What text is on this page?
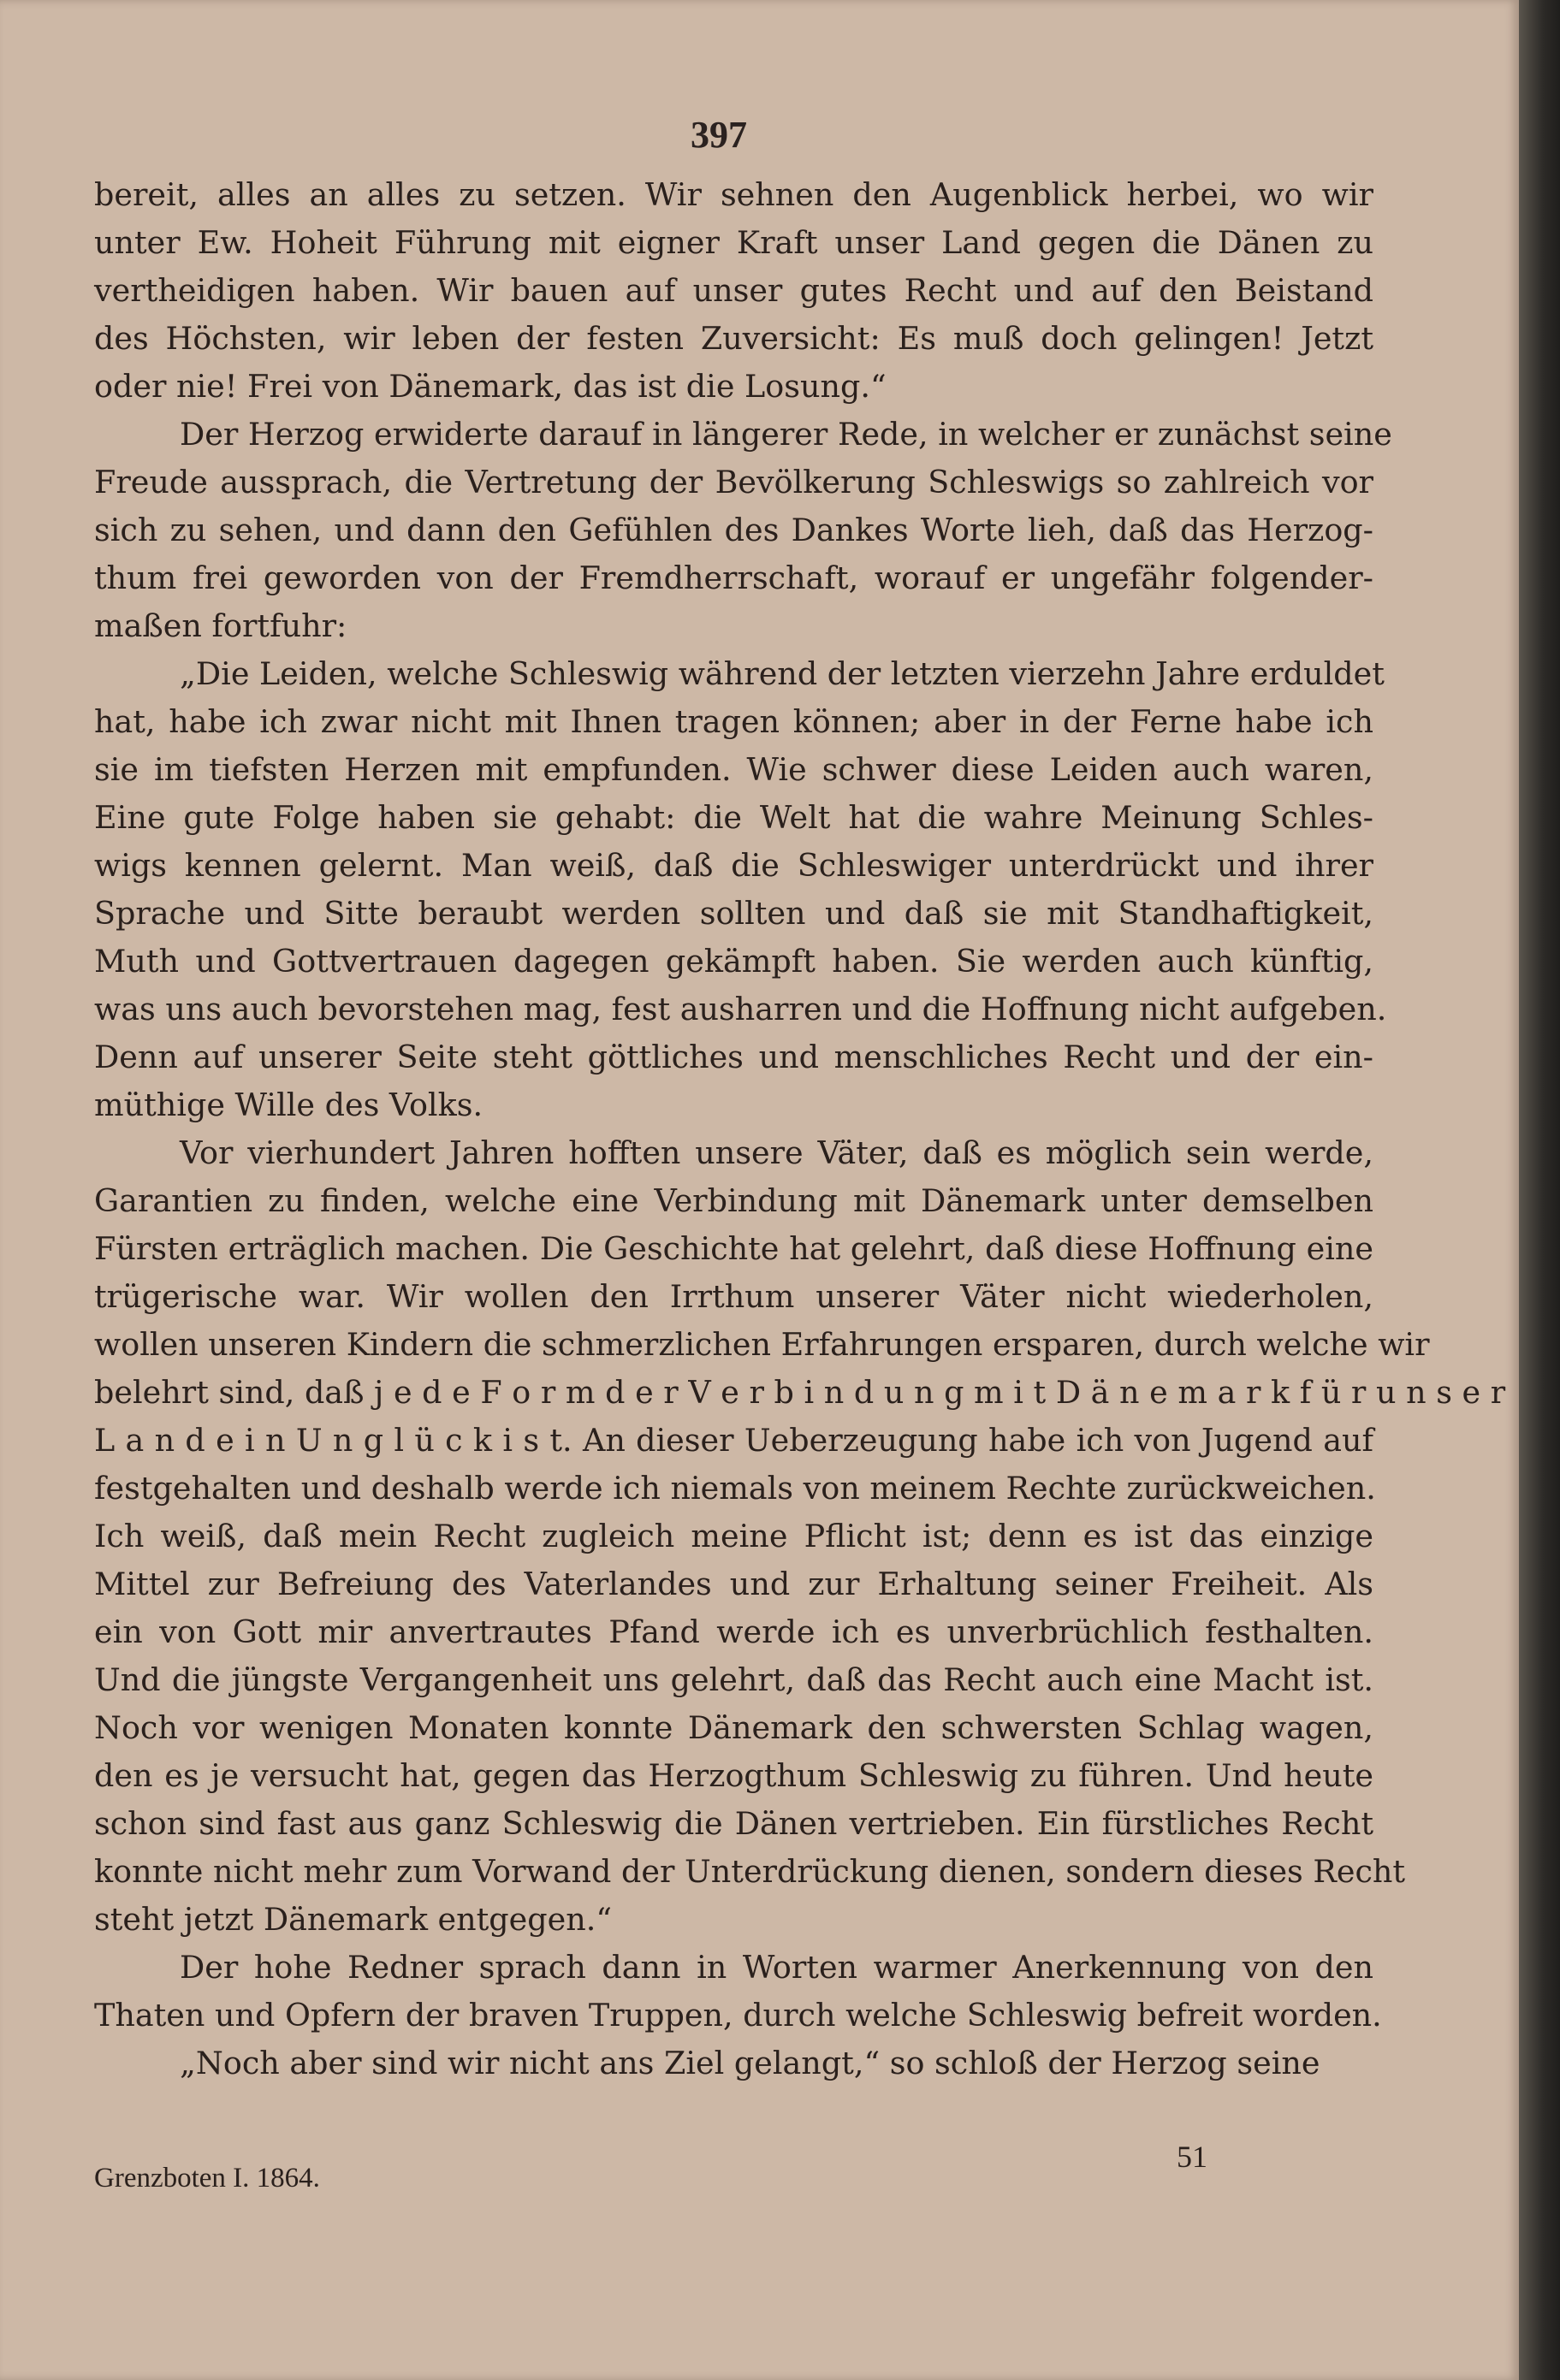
397
bereit, alles an alles zu setzen. Wir sehnen den Augenblick herbei, wo wir
unter Ew. Hoheit Führung mit eigner Kraft unser Land gegen die Dänen zu
vertheidigen haben. Wir bauen auf unser gutes Recht und auf den Beistand
des Höchsten, wir leben der festen Zuversicht: Es muß doch gelingen! Jetzt
oder nie! Frei von Dänemark, das ist die Losung.“
Der Herzog erwiderte darauf in längerer Rede, in welcher er zunächst seine
Freude aussprach, die Vertretung der Bevölkerung Schleswigs so zahlreich vor
sich zu sehen, und dann den Gefühlen des Dankes Worte lieh, daß das Herzog-
thum frei geworden von der Fremdherrschaft, worauf er ungefähr folgender-
maßen fortfuhr:
„Die Leiden, welche Schleswig während der letzten vierzehn Jahre erduldet
hat, habe ich zwar nicht mit Ihnen tragen können; aber in der Ferne habe ich
sie im tiefsten Herzen mit empfunden. Wie schwer diese Leiden auch waren,
Eine gute Folge haben sie gehabt: die Welt hat die wahre Meinung Schles-
wigs kennen gelernt. Man weiß, daß die Schleswiger unterdrückt und ihrer
Sprache und Sitte beraubt werden sollten und daß sie mit Standhaftigkeit,
Muth und Gottvertrauen dagegen gekämpft haben. Sie werden auch künftig,
was uns auch bevorstehen mag, fest ausharren und die Hoffnung nicht aufgeben.
Denn auf unserer Seite steht göttliches und menschliches Recht und der ein-
müthige Wille des Volks.
Vor vierhundert Jahren hofften unsere Väter, daß es möglich sein werde,
Garantien zu finden, welche eine Verbindung mit Dänemark unter demselben
Fürsten erträglich machen. Die Geschichte hat gelehrt, daß diese Hoffnung eine
trügerische war. Wir wollen den Irrthum unserer Väter nicht wiederholen,
wollen unseren Kindern die schmerzlichen Erfahrungen ersparen, durch welche wir
belehrt sind, daß j e d e F o r m d e r V e r b i n d u n g m i t D ä n e m a r k f ü r u n s e r
L a n d e i n U n g l ü c k i s t. An dieser Ueberzeugung habe ich von Jugend auf
festgehalten und deshalb werde ich niemals von meinem Rechte zurückweichen.
Ich weiß, daß mein Recht zugleich meine Pflicht ist; denn es ist das einzige
Mittel zur Befreiung des Vaterlandes und zur Erhaltung seiner Freiheit. Als
ein von Gott mir anvertrautes Pfand werde ich es unverbrüchlich festhalten.
Und die jüngste Vergangenheit uns gelehrt, daß das Recht auch eine Macht ist.
Noch vor wenigen Monaten konnte Dänemark den schwersten Schlag wagen,
den es je versucht hat, gegen das Herzogthum Schleswig zu führen. Und heute
schon sind fast aus ganz Schleswig die Dänen vertrieben. Ein fürstliches Recht
konnte nicht mehr zum Vorwand der Unterdrückung dienen, sondern dieses Recht
steht jetzt Dänemark entgegen.“
Der hohe Redner sprach dann in Worten warmer Anerkennung von den
Thaten und Opfern der braven Truppen, durch welche Schleswig befreit worden.
„Noch aber sind wir nicht ans Ziel gelangt,“ so schloß der Herzog seine
Grenzboten I. 1864.
51
